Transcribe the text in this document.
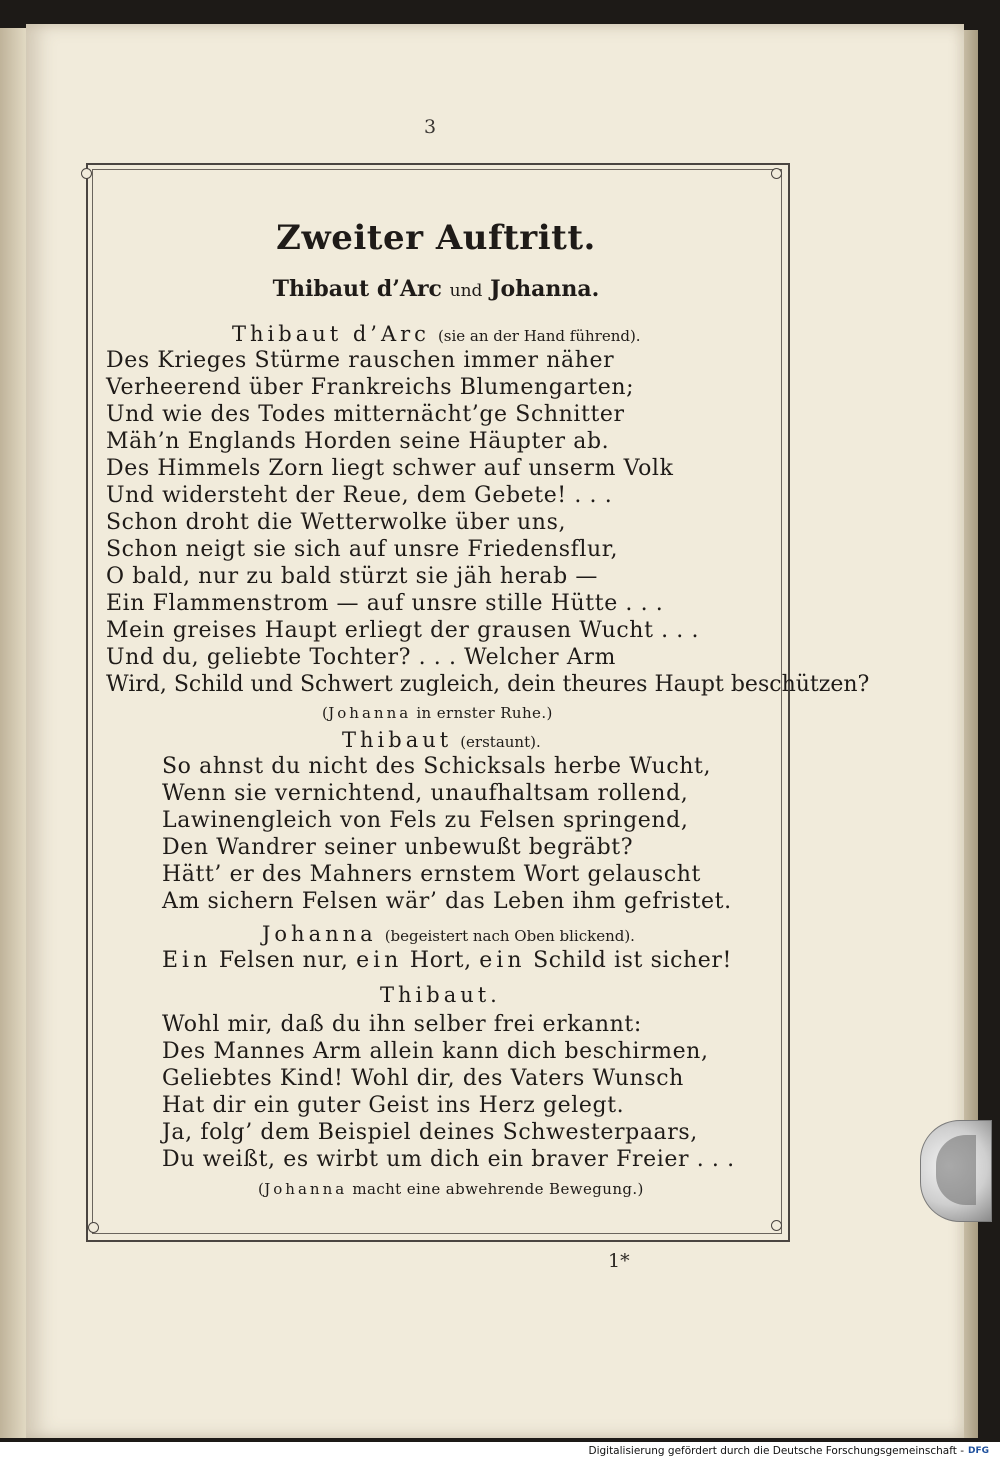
3
Zweiter Auftritt.
Thibaut d’Arc und Johanna.
Thibaut d’Arc (sie an der Hand führend).
Des Krieges Stürme rauschen immer näher
Verheerend über Frankreichs Blumengarten;
Und wie des Todes mitternächt’ge Schnitter
Mäh’n Englands Horden seine Häupter ab.
Des Himmels Zorn liegt schwer auf unserm Volk
Und widersteht der Reue, dem Gebete! . . .
Schon droht die Wetterwolke über uns,
Schon neigt sie sich auf unsre Friedensflur,
O bald, nur zu bald stürzt sie jäh herab —
Ein Flammenstrom — auf unsre stille Hütte . . .
Mein greises Haupt erliegt der grausen Wucht . . .
Und du, geliebte Tochter? . . . Welcher Arm
Wird, Schild und Schwert zugleich, dein theures Haupt beschützen?
(Johanna in ernster Ruhe.)
Thibaut (erstaunt).
So ahnst du nicht des Schicksals herbe Wucht,
Wenn sie vernichtend, unaufhaltsam rollend,
Lawinengleich von Fels zu Felsen springend,
Den Wandrer seiner unbewußt begräbt?
Hätt’ er des Mahners ernstem Wort gelauscht
Am sichern Felsen wär’ das Leben ihm gefristet.
Johanna (begeistert nach Oben blickend).
Ein Felsen nur, ein Hort, ein Schild ist sicher!
Thibaut.
Wohl mir, daß du ihn selber frei erkannt:
Des Mannes Arm allein kann dich beschirmen,
Geliebtes Kind! Wohl dir, des Vaters Wunsch
Hat dir ein guter Geist ins Herz gelegt.
Ja, folg’ dem Beispiel deines Schwesterpaars,
Du weißt, es wirbt um dich ein braver Freier . . .
(Johanna macht eine abwehrende Bewegung.)
1*
Digitalisierung gefördert durch die Deutsche Forschungsgemeinschaft - DFG
